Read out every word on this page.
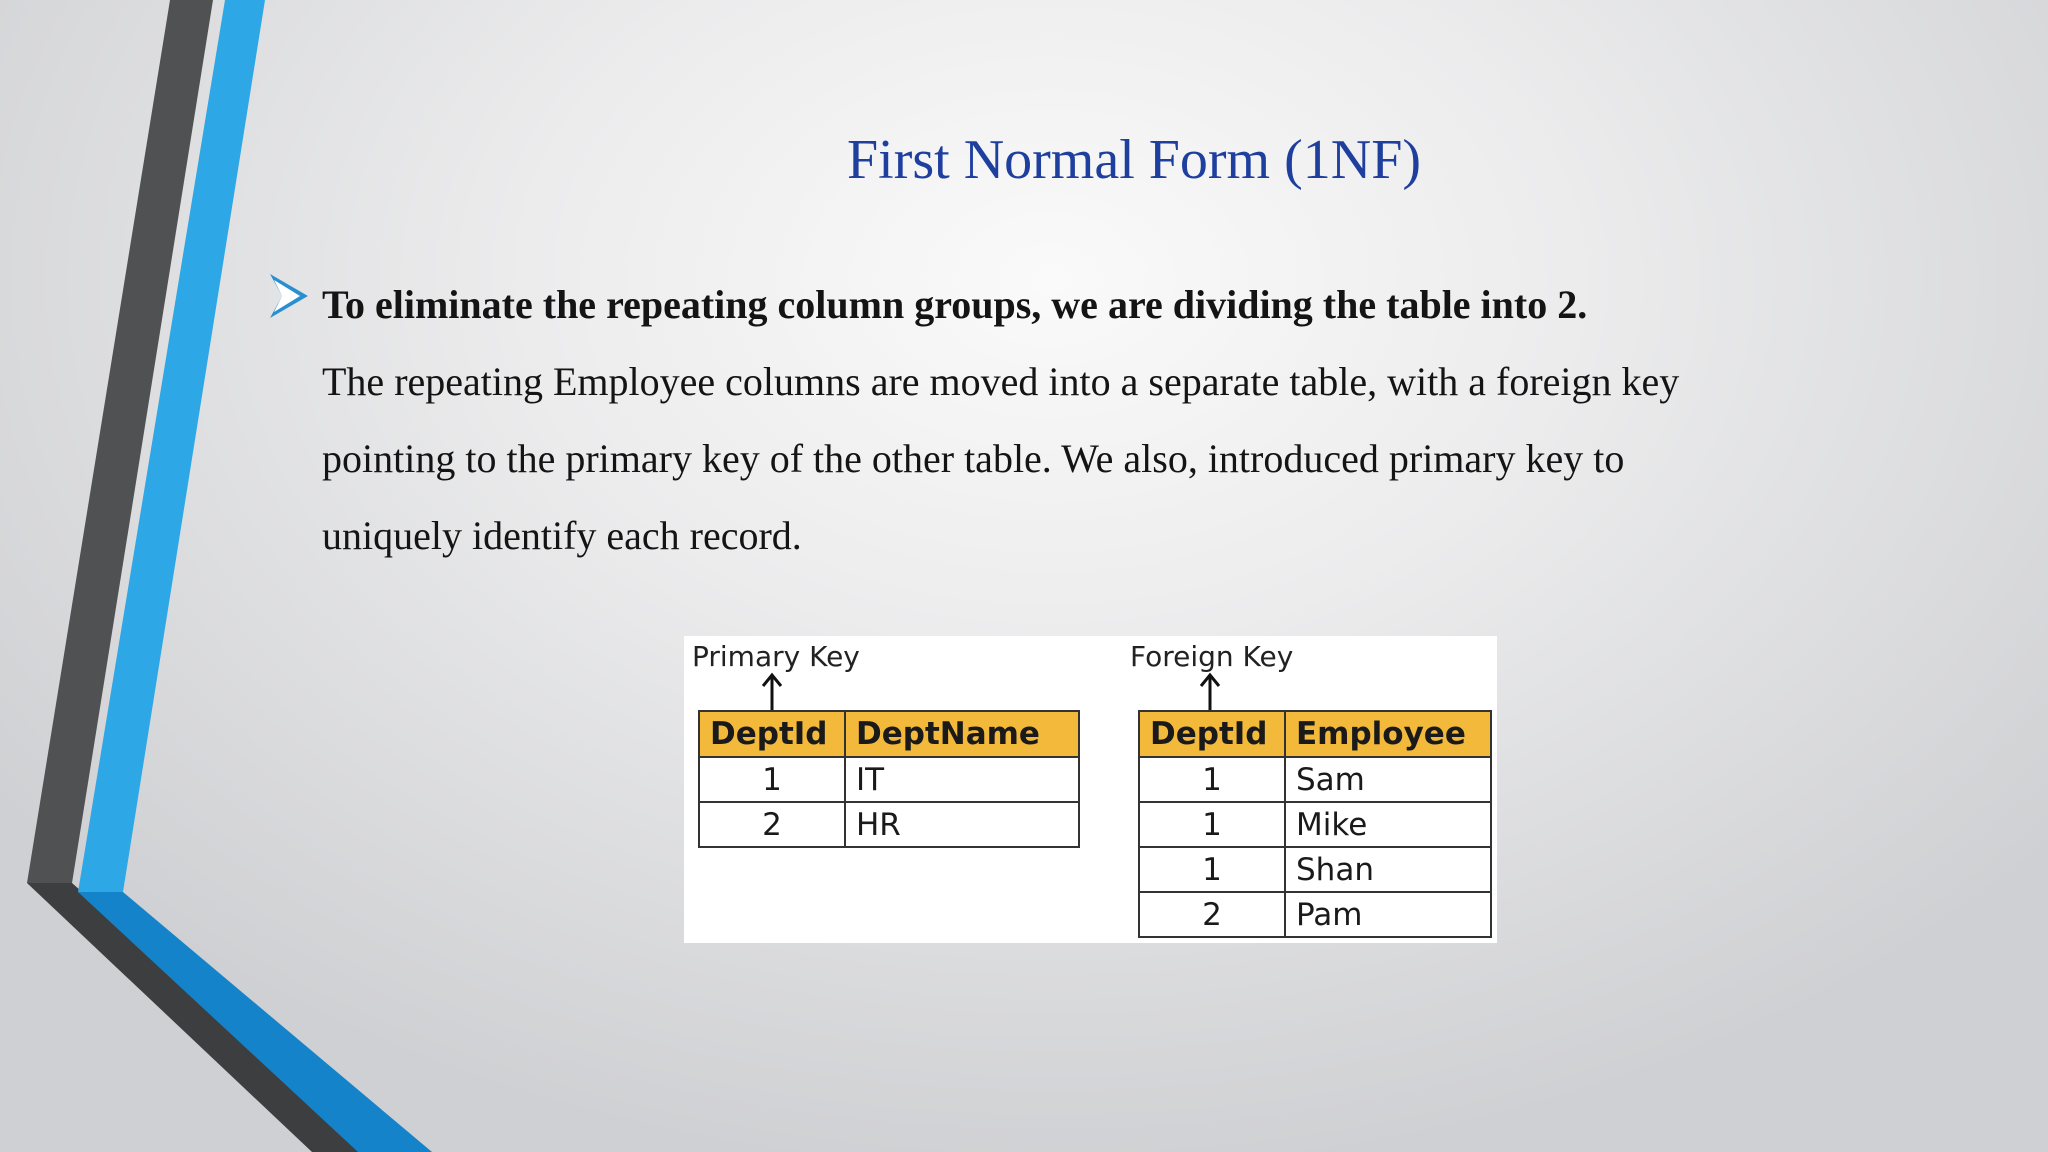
First Normal Form (1NF)
To eliminate the repeating column groups, we are dividing the table into 2.
The repeating Employee columns are moved into a separate table, with a foreign key pointing to the primary key of the other table. We also, introduced primary key to uniquely identify each record.
Primary Key	Foreign Key
DeptId	DeptName
1	IT
2	HR
DeptId	Employee
1	Sam
1	Mike
1	Shan
2	Pam
